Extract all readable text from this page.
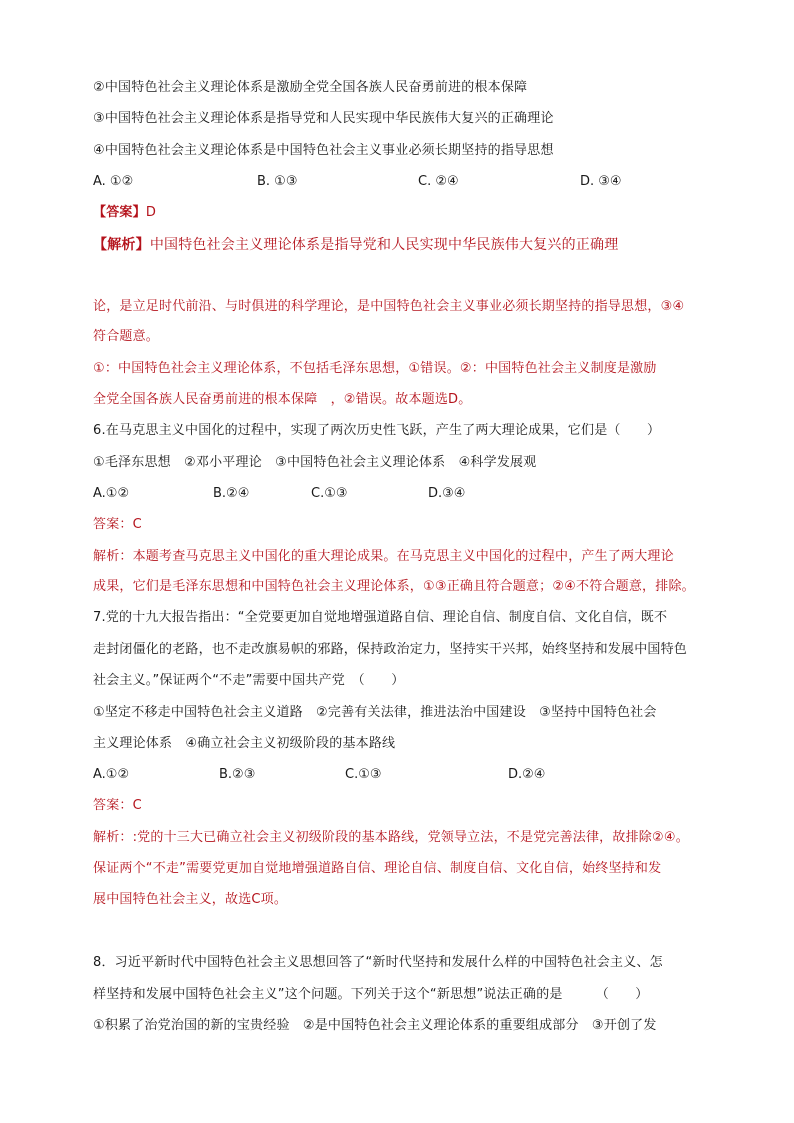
②中国特色社会主义理论体系是激励全党全国各族人民奋勇前进的根本保障
③中国特色社会主义理论体系是指导党和人民实现中华民族伟大复兴的正确理论
④中国特色社会主义理论体系是中国特色社会主义事业必须长期坚持的指导思想
A. ①②	B. ①③	C. ②④	D. ③④
【答案】D
【解析】中国特色社会主义理论体系是指导党和人民实现中华民族伟大复兴的正确理
论，是立足时代前沿、与时俱进的科学理论，是中国特色社会主义事业必须长期坚持的指导思想，③④
符合题意。
①：中国特色社会主义理论体系，不包括毛泽东思想，①错误。②：中国特色社会主义制度是激励
全党全国各族人民奋勇前进的根本保障　，②错误。故本题选D。
6.在马克思主义中国化的过程中，实现了两次历史性飞跃，产生了两大理论成果，它们是（　　）
①毛泽东思想　②邓小平理论　③中国特色社会主义理论体系　④科学发展观
A.①②	B.②④	C.①③	D.③④
答案：C
解析：本题考查马克思主义中国化的重大理论成果。在马克思主义中国化的过程中，产生了两大理论
成果，它们是毛泽东思想和中国特色社会主义理论体系，①③正确且符合题意；②④不符合题意，排除。
7.党的十九大报告指出：“全党要更加自觉地增强道路自信、理论自信、制度自信、文化自信，既不
走封闭僵化的老路，也不走改旗易帜的邪路，保持政治定力，坚持实干兴邦，始终坚持和发展中国特色
社会主义。”保证两个“不走”需要中国共产党　（　　）
①坚定不移走中国特色社会主义道路　②完善有关法律，推进法治中国建设　③坚持中国特色社会
主义理论体系　④确立社会主义初级阶段的基本路线
A.①②	B.②③	C.①③	D.②④
答案：C
解析：:党的十三大已确立社会主义初级阶段的基本路线，党领导立法，不是党完善法律，故排除②④。
保证两个“不走”需要党更加自觉地增强道路自信、理论自信、制度自信、文化自信，始终坚持和发
展中国特色社会主义，故选C项。
8．习近平新时代中国特色社会主义思想回答了“新时代坚持和发展什么样的中国特色社会主义、怎
样坚持和发展中国特色社会主义”这个问题。下列关于这个“新思想”说法正确的是　　　（　　）
①积累了治党治国的新的宝贵经验　②是中国特色社会主义理论体系的重要组成部分　③开创了发
